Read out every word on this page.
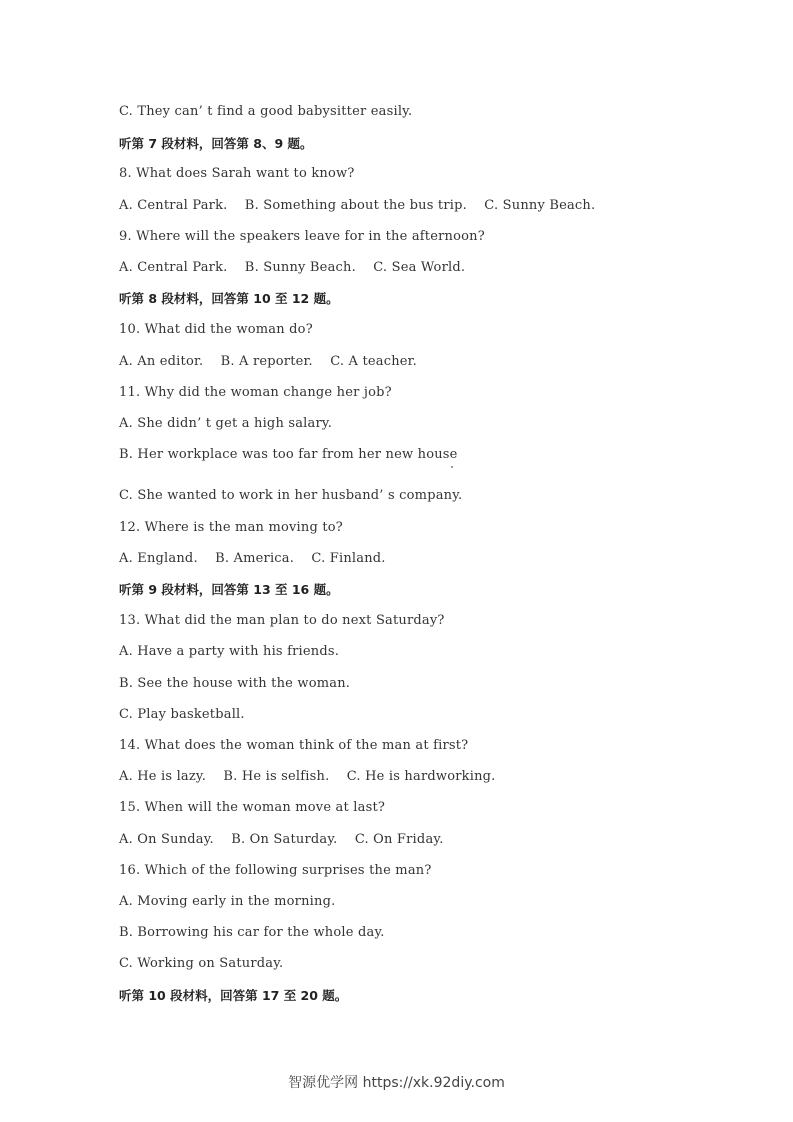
C. They can’ t find a good babysitter easily.
听第 7 段材料，回答第 8、9 题。
8. What does Sarah want to know?
A. Central Park.    B. Something about the bus trip.    C. Sunny Beach.
9. Where will the speakers leave for in the afternoon?
A. Central Park.    B. Sunny Beach.    C. Sea World.
听第 8 段材料，回答第 10 至 12 题。
10. What did the woman do?
A. An editor.    B. A reporter.    C. A teacher.
11. Why did the woman change her job?
A. She didn’ t get a high salary.
B. Her workplace was too far from her new house
C. She wanted to work in her husband’ s company.
12. Where is the man moving to?
A. England.    B. America.    C. Finland.
听第 9 段材料，回答第 13 至 16 题。
13. What did the man plan to do next Saturday?
A. Have a party with his friends.
B. See the house with the woman.
C. Play basketball.
14. What does the woman think of the man at first?
A. He is lazy.    B. He is selfish.    C. He is hardworking.
15. When will the woman move at last?
A. On Sunday.    B. On Saturday.    C. On Friday.
16. Which of the following surprises the man?
A. Moving early in the morning.
B. Borrowing his car for the whole day.
C. Working on Saturday.
听第 10 段材料，回答第 17 至 20 题。
智源优学网 https://xk.92diy.com
